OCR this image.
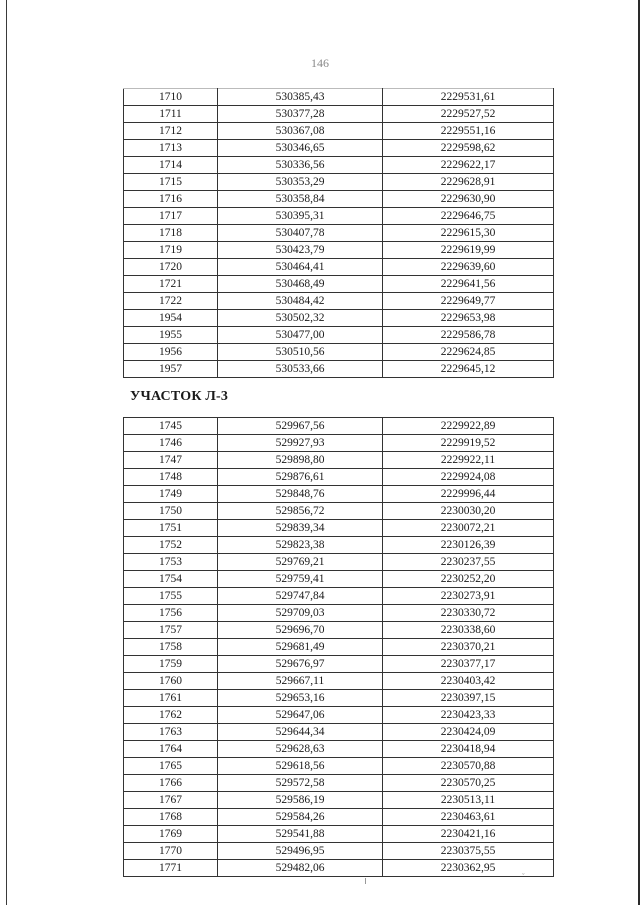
146
1710	530385,43	2229531,61
1711	530377,28	2229527,52
1712	530367,08	2229551,16
1713	530346,65	2229598,62
1714	530336,56	2229622,17
1715	530353,29	2229628,91
1716	530358,84	2229630,90
1717	530395,31	2229646,75
1718	530407,78	2229615,30
1719	530423,79	2229619,99
1720	530464,41	2229639,60
1721	530468,49	2229641,56
1722	530484,42	2229649,77
1954	530502,32	2229653,98
1955	530477,00	2229586,78
1956	530510,56	2229624,85
1957	530533,66	2229645,12
УЧАСТОК Л-3
1745	529967,56	2229922,89
1746	529927,93	2229919,52
1747	529898,80	2229922,11
1748	529876,61	2229924,08
1749	529848,76	2229996,44
1750	529856,72	2230030,20
1751	529839,34	2230072,21
1752	529823,38	2230126,39
1753	529769,21	2230237,55
1754	529759,41	2230252,20
1755	529747,84	2230273,91
1756	529709,03	2230330,72
1757	529696,70	2230338,60
1758	529681,49	2230370,21
1759	529676,97	2230377,17
1760	529667,11	2230403,42
1761	529653,16	2230397,15
1762	529647,06	2230423,33
1763	529644,34	2230424,09
1764	529628,63	2230418,94
1765	529618,56	2230570,88
1766	529572,58	2230570,25
1767	529586,19	2230513,11
1768	529584,26	2230463,61
1769	529541,88	2230421,16
1770	529496,95	2230375,55
1771	529482,06	2230362,95
ˇ
